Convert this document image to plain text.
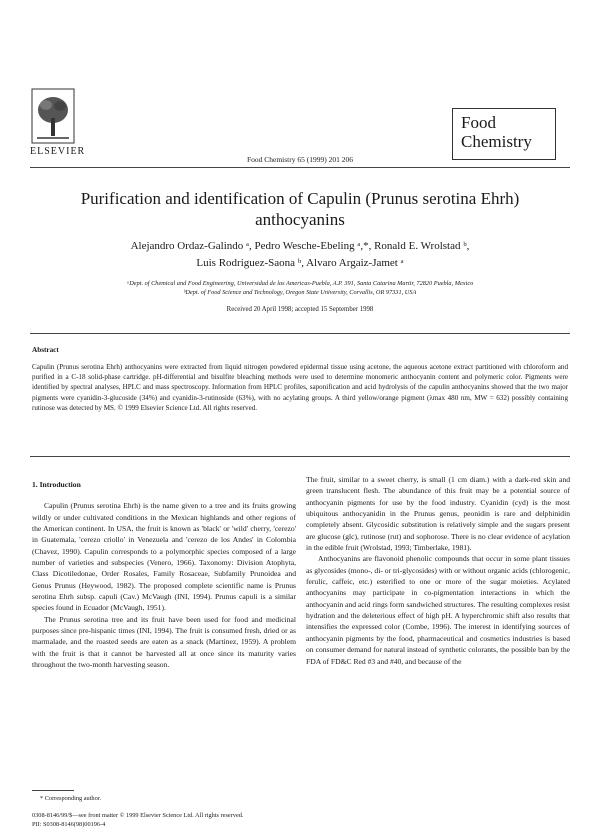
ELSEVIER
Food Chemistry 65 (1999) 201 206
Food
Chemistry
Purification and identification of Capulin (Prunus serotina Ehrh) anthocyanins
Alejandro Ordaz-Galindo ᵃ, Pedro Wesche-Ebeling ᵃ,*, Ronald E. Wrolstad ᵇ,
Luis Rodriguez-Saona ᵇ, Alvaro Argaiz-Jamet ᵃ
ᵃDept. of Chemical and Food Engineering, Universidad de las Americas-Puebla, A.P. 391, Santa Catarina Martir, 72820 Puebla, Mexico
ᵇDept. of Food Science and Technology, Oregon State University, Corvallis, OR 97331, USA
Received 20 April 1998; accepted 15 September 1998
Abstract
Capulin (Prunus serotina Ehrh) anthocyanins were extracted from liquid nitrogen powdered epidermal tissue using acetone, the aqueous acetone extract partitioned with chloroform and purified in a C-18 solid-phase cartridge. pH-differential and bisulfite bleaching methods were used to determine monomeric anthocyanin content and polymeric color. Pigments were identified by spectral analyses, HPLC and mass spectroscopy. Information from HPLC profiles, saponification and acid hydrolysis of the capulin anthocyanins showed that the two major pigments were cyanidin-3-glucoside (34%) and cyanidin-3-rutinoside (63%), with no acylating groups. A third yellow/orange pigment (λmax 480 nm, MW = 632) possibly containing rutinose was detected by MS. © 1999 Elsevier Science Ltd. All rights reserved.
1. Introduction

Capulin (Prunus serotina Ehrh) is the name given to a tree and its fruits growing wildly or under cultivated conditions in the Mexican highlands and other regions of the American continent. In USA, the fruit is known as 'black' or 'wild' cherry, 'cerezo' in Guatemala, 'cerezo criollo' in Venezuela and 'cerezo de los Andes' in Colombia (Chavez, 1990). Capulin corresponds to a polymorphic species composed of a large number of varieties and subspecies (Venero, 1966). Taxonomy: Division Atophyta, Class Dicotiledonae, Order Rosales, Family Rosaceae, Subfamily Prunoidea and Genus Prunus (Heywood, 1982). The proposed complete scientific name is Prunus serotina Ehrh subsp. capuli (Cav.) McVaugh (INI, 1994). Prunus capuli is a similar species found in Ecuador (McVaugh, 1951).

The Prunus serotina tree and its fruit have been used for food and medicinal purposes since pre-hispanic times (INI, 1994). The fruit is consumed fresh, dried or as marmalade, and the roasted seeds are eaten as a snack (Martinez, 1959). A problem with the fruit is that it cannot be harvested all at once since its maturity varies throughout the two-month harvesting season.

The fruit, similar to a sweet cherry, is small (1 cm diam.) with a dark-red skin and green translucent flesh. The abundance of this fruit may be a potential source of anthocyanin pigments for use by the food industry. Cyanidin (cyd) is the most ubiquitous anthocyanidin in the Prunus genus, peonidin is rare and delphinidin completely absent. Glycosidic substitution is relatively simple and the sugars present are glucose (glc), rutinose (rut) and sophorose. There is no clear evidence of acylation in the edible fruit (Wrolstad, 1993; Timberlake, 1981).

Anthocyanins are flavonoid phenolic compounds that occur in some plant tissues as glycosides (mono-, di- or tri-glycosides) with or without organic acids (chlorogenic, ferulic, caffeic, etc.) esterified to one or more of the sugar moieties. Acylated anthocyanins may participate in co-pigmentation interactions in which the anthocyanin and acid rings form sandwiched structures. The resulting complexes resist hydration and the deleterious effect of high pH. A hyperchromic shift also results that intensifies the expressed color (Combe, 1996). The interest in identifying sources of anthocyanin pigments by the food, pharmaceutical and cosmetics industries is based on consumer demand for natural instead of synthetic colorants, the possible ban by the FDA of FD&C Red #3 and #40, and because of the

* Corresponding author.
0308-8146/99/$—see front matter © 1999 Elsevier Science Ltd. All rights reserved.
PII: S0308-8146(98)00196-4
